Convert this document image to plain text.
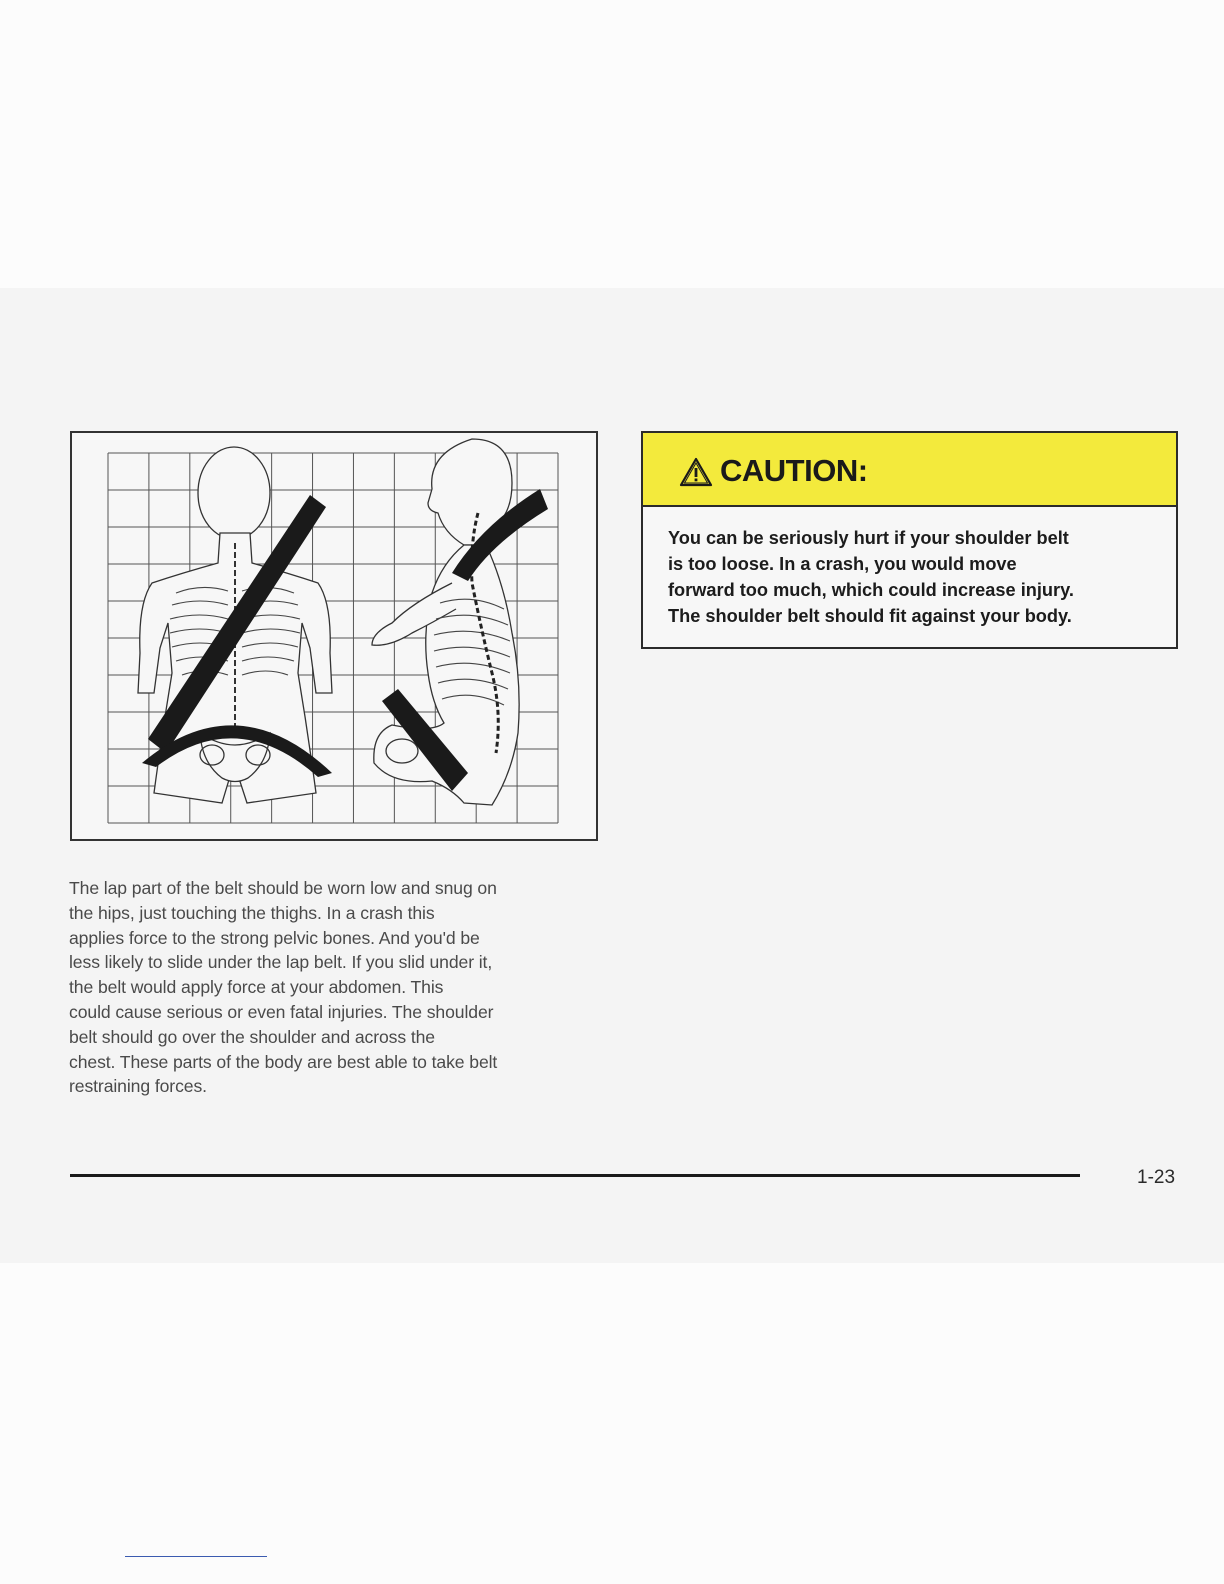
The lap part of the belt should be worn low and snug on
the hips, just touching the thighs. In a crash this
applies force to the strong pelvic bones. And you'd be
less likely to slide under the lap belt. If you slid under it,
the belt would apply force at your abdomen. This
could cause serious or even fatal injuries. The shoulder
belt should go over the shoulder and across the
chest. These parts of the body are best able to take belt
restraining forces.

CAUTION:

You can be seriously hurt if your shoulder belt
is too loose. In a crash, you would move
forward too much, which could increase injury.
The shoulder belt should fit against your body.

1-23
